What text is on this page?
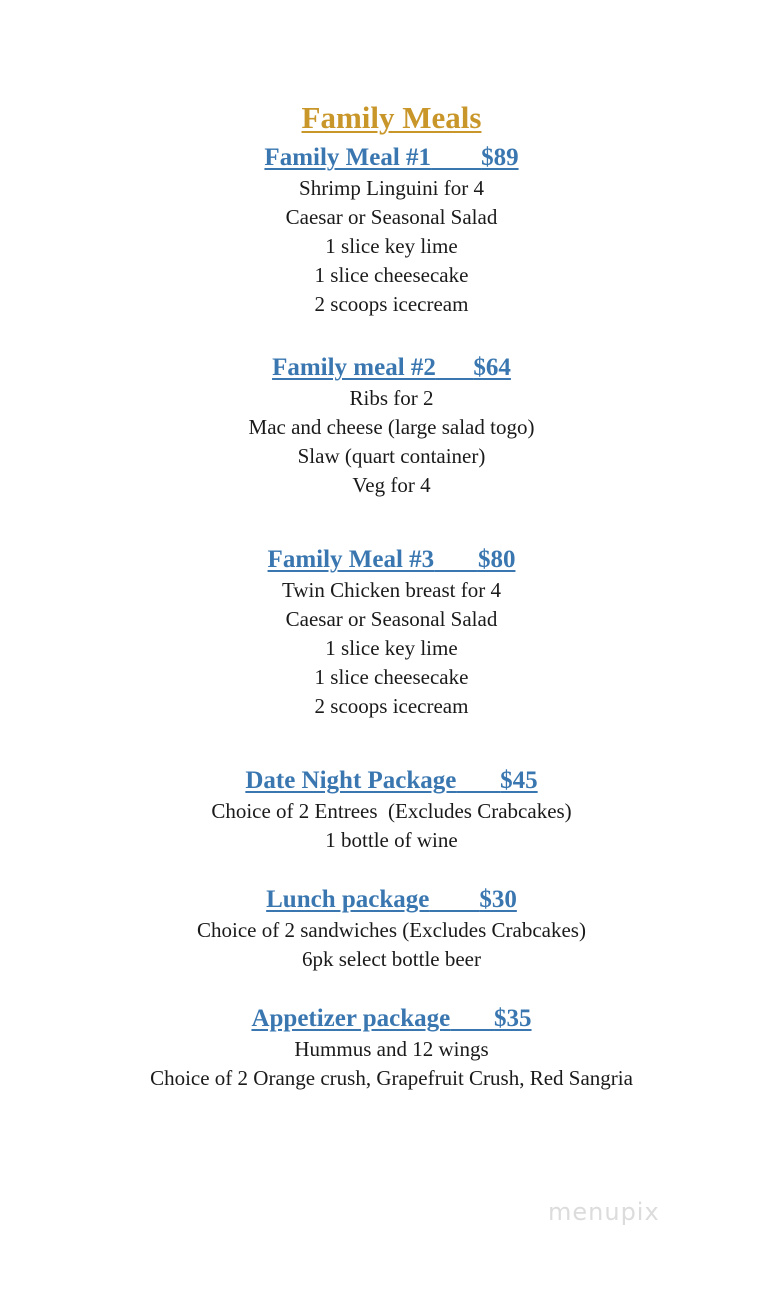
Family Meals
Family Meal #1 $89
Shrimp Linguini for 4
Caesar or Seasonal Salad
1 slice key lime
1 slice cheesecake
2 scoops icecream
Family meal #2 $64
Ribs for 2
Mac and cheese (large salad togo)
Slaw (quart container)
Veg for 4
Family Meal #3 $80
Twin Chicken breast for 4
Caesar or Seasonal Salad
1 slice key lime
1 slice cheesecake
2 scoops icecream
Date Night Package $45
Choice of 2 Entrees  (Excludes Crabcakes)
1 bottle of wine
Lunch package $30
Choice of 2 sandwiches (Excludes Crabcakes)
6pk select bottle beer
Appetizer package $35
Hummus and 12 wings
Choice of 2 Orange crush, Grapefruit Crush, Red Sangria
menupix
